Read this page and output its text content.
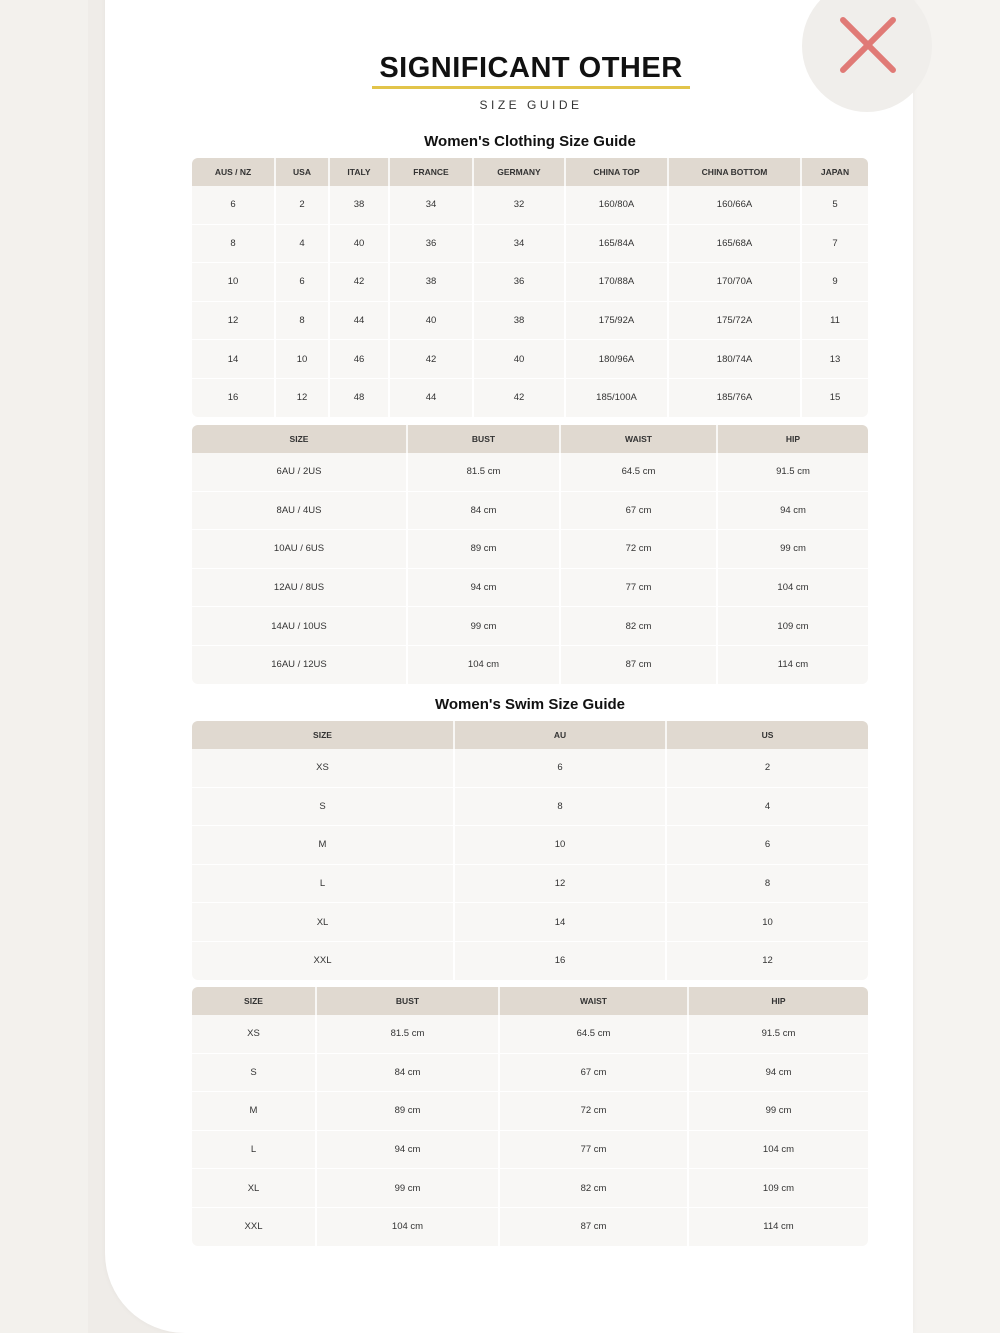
SIGNIFICANT OTHER
SIZE GUIDE
Women's Clothing Size Guide
AUS / NZ	USA	ITALY	FRANCE	GERMANY	CHINA TOP	CHINA BOTTOM	JAPAN
6	2	38	34	32	160/80A	160/66A	5
8	4	40	36	34	165/84A	165/68A	7
10	6	42	38	36	170/88A	170/70A	9
12	8	44	40	38	175/92A	175/72A	11
14	10	46	42	40	180/96A	180/74A	13
16	12	48	44	42	185/100A	185/76A	15
SIZE	BUST	WAIST	HIP
6AU / 2US	81.5 cm	64.5 cm	91.5 cm
8AU / 4US	84 cm	67 cm	94 cm
10AU / 6US	89 cm	72 cm	99 cm
12AU / 8US	94 cm	77 cm	104 cm
14AU / 10US	99 cm	82 cm	109 cm
16AU / 12US	104 cm	87 cm	114 cm
Women's Swim Size Guide
SIZE	AU	US
XS	6	2
S	8	4
M	10	6
L	12	8
XL	14	10
XXL	16	12
SIZE	BUST	WAIST	HIP
XS	81.5 cm	64.5 cm	91.5 cm
S	84 cm	67 cm	94 cm
M	89 cm	72 cm	99 cm
L	94 cm	77 cm	104 cm
XL	99 cm	82 cm	109 cm
XXL	104 cm	87 cm	114 cm
